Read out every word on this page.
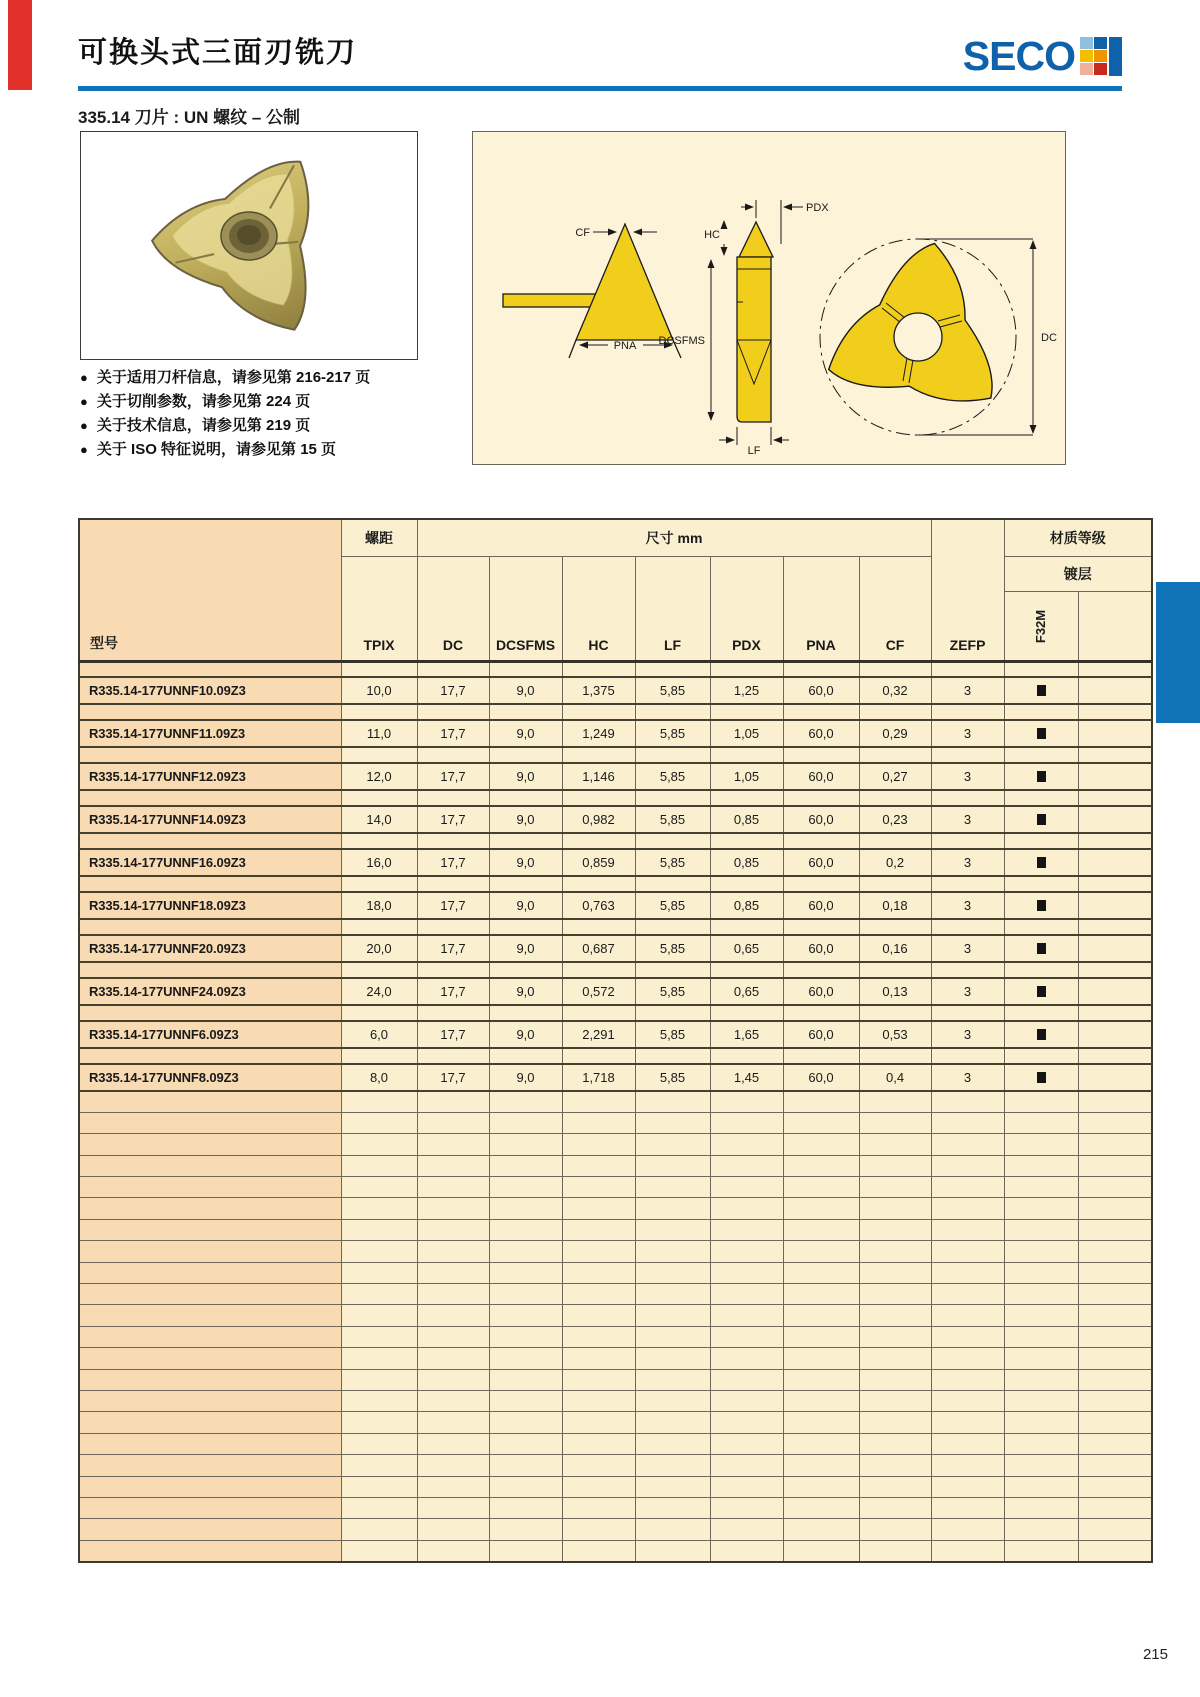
可换头式三面刃铣刀
335.14 刀片 : UN 螺纹 – 公制
SECO
● 关于适用刀杆信息，请参见第 216-217 页
● 关于切削参数，请参见第 224 页
● 关于技术信息，请参见第 219 页
● 关于 ISO 特征说明，请参见第 15 页
CF
PNA
PDX
HC
DCSFMS
LF
DC
型号	螺距	尺寸 mm							ZEFP	材质等级	
	TPIX	DC	DCSFMS	HC	LF	PDX	PNA	CF		镀层	
										F32M	

R335.14-177UNNF10.09Z3	10,0	17,7	9,0	1,375	5,85	1,25	60,0	0,32	3		

R335.14-177UNNF11.09Z3	11,0	17,7	9,0	1,249	5,85	1,05	60,0	0,29	3		

R335.14-177UNNF12.09Z3	12,0	17,7	9,0	1,146	5,85	1,05	60,0	0,27	3		

R335.14-177UNNF14.09Z3	14,0	17,7	9,0	0,982	5,85	0,85	60,0	0,23	3		

R335.14-177UNNF16.09Z3	16,0	17,7	9,0	0,859	5,85	0,85	60,0	0,2	3		

R335.14-177UNNF18.09Z3	18,0	17,7	9,0	0,763	5,85	0,85	60,0	0,18	3		

R335.14-177UNNF20.09Z3	20,0	17,7	9,0	0,687	5,85	0,65	60,0	0,16	3		

R335.14-177UNNF24.09Z3	24,0	17,7	9,0	0,572	5,85	0,65	60,0	0,13	3		

R335.14-177UNNF6.09Z3	6,0	17,7	9,0	2,291	5,85	1,65	60,0	0,53	3		

R335.14-177UNNF8.09Z3	8,0	17,7	9,0	1,718	5,85	1,45	60,0	0,4	3		

215
